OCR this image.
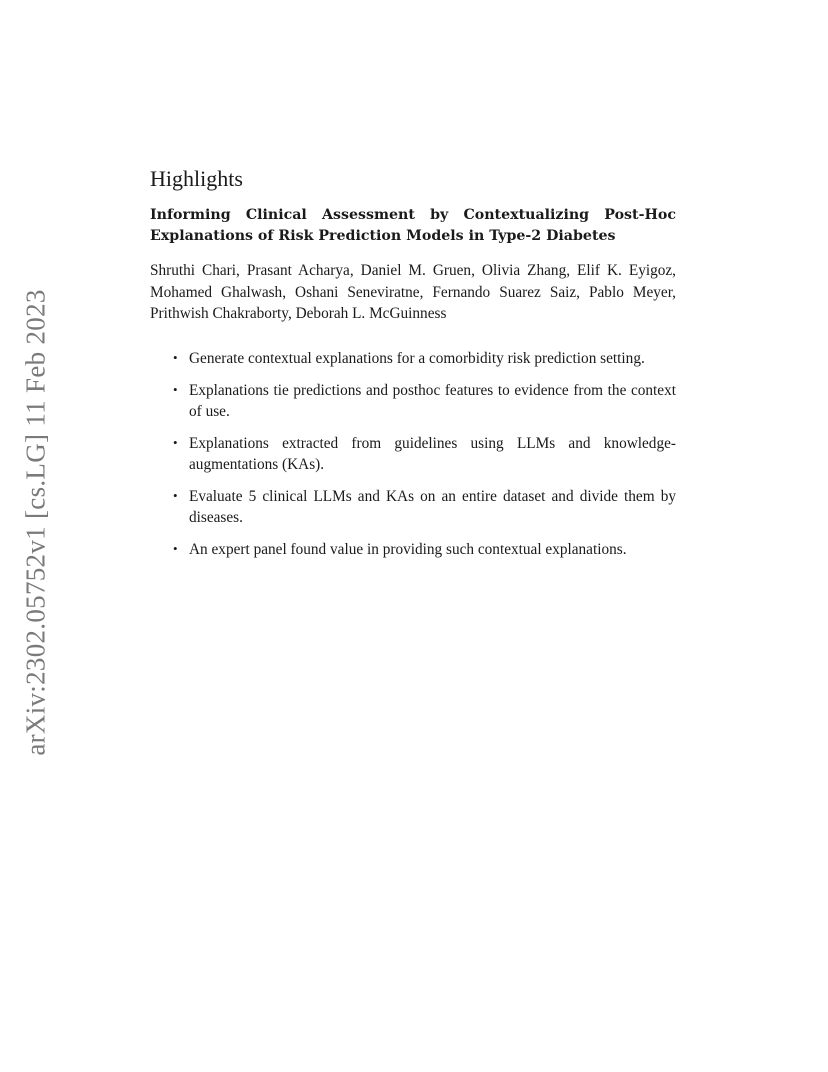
arXiv:2302.05752v1 [cs.LG] 11 Feb 2023
Highlights
Informing Clinical Assessment by Contextualizing Post-Hoc Explanations of Risk Prediction Models in Type-2 Diabetes

Shruthi Chari, Prasant Acharya, Daniel M. Gruen, Olivia Zhang, Elif K. Eyigoz, Mohamed Ghalwash, Oshani Seneviratne, Fernando Suarez Saiz, Pablo Meyer, Prithwish Chakraborty, Deborah L. McGuinness

• Generate contextual explanations for a comorbidity risk prediction setting.
• Explanations tie predictions and posthoc features to evidence from the context of use.
• Explanations extracted from guidelines using LLMs and knowledge-augmentations (KAs).
• Evaluate 5 clinical LLMs and KAs on an entire dataset and divide them by diseases.
• An expert panel found value in providing such contextual explanations.
